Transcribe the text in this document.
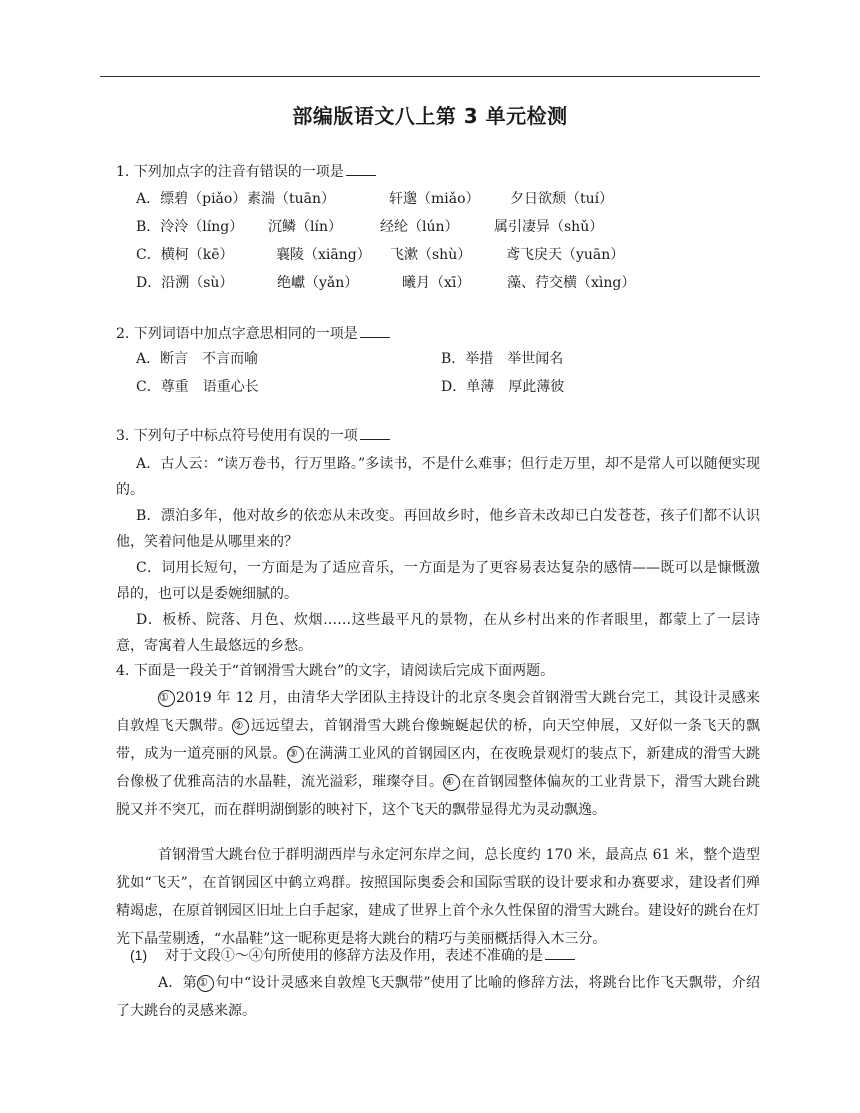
部编版语文八上第 3 单元检测
1. 下列加点字的注音有错误的一项是
A．缥碧（piǎo） 素湍（tuān）	轩邈（miǎo） 夕日欲颓（tuí）
B．泠泠（líng） 沉鳞（lín）	经纶（lún）	属引凄异（shǔ）
C．横柯（kē）	襄陵（xiāng） 飞漱（shù） 鸢飞戾天（yuān）
D．沿溯（sù）	绝巘（yǎn）	曦月（xī）	藻、荇交横（xìng）
2. 下列词语中加点字意思相同的一项是
A．断言　不言而喻	B．举措　举世闻名
C．尊重　语重心长	D．单薄　厚此薄彼
3. 下列句子中标点符号使用有误的一项
A．古人云：“读万卷书，行万里路。”多读书，不是什么难事；但行走万里，却不是常人可以随便实现的。
B．漂泊多年，他对故乡的依恋从未改变。再回故乡时，他乡音未改却已白发苍苍，孩子们都不认识他，笑着问他是从哪里来的？
C．词用长短句，一方面是为了适应音乐，一方面是为了更容易表达复杂的感情——既可以是慷慨激昂的，也可以是委婉细腻的。
D．板桥、院落、月色、炊烟……这些最平凡的景物，在从乡村出来的作者眼里，都蒙上了一层诗意，寄寓着人生最悠远的乡愁。
4. 下面是一段关于“首钢滑雪大跳台”的文字，请阅读后完成下面两题。
① 2019 年 12 月，由清华大学团队主持设计的北京冬奥会首钢滑雪大跳台完工，其设计灵感来自敦煌飞天飘带。② 远远望去，首钢滑雪大跳台像蜿蜒起伏的桥，向天空伸展，又好似一条飞天的飘带，成为一道亮丽的风景。③ 在满满工业风的首钢园区内，在夜晚景观灯的装点下，新建成的滑雪大跳台像极了优雅高洁的水晶鞋，流光溢彩，璀璨夺目。④ 在首钢园整体偏灰的工业背景下，滑雪大跳台跳脱又并不突兀，而在群明湖倒影的映衬下，这个飞天的飘带显得尤为灵动飘逸。
首钢滑雪大跳台位于群明湖西岸与永定河东岸之间，总长度约 170 米，最高点 61 米，整个造型犹如“飞天”，在首钢园区中鹤立鸡群。按照国际奥委会和国际雪联的设计要求和办赛要求，建设者们殚精竭虑，在原首钢园区旧址上白手起家，建成了世界上首个永久性保留的滑雪大跳台。建设好的跳台在灯光下晶莹剔透，“水晶鞋”这一昵称更是将大跳台的精巧与美丽概括得入木三分。
(1) 对于文段①～④句所使用的修辞方法及作用，表述不准确的是
A．第① 句中“设计灵感来自敦煌飞天飘带”使用了比喻的修辞方法，将跳台比作飞天飘带，介绍了大跳台的灵感来源。
